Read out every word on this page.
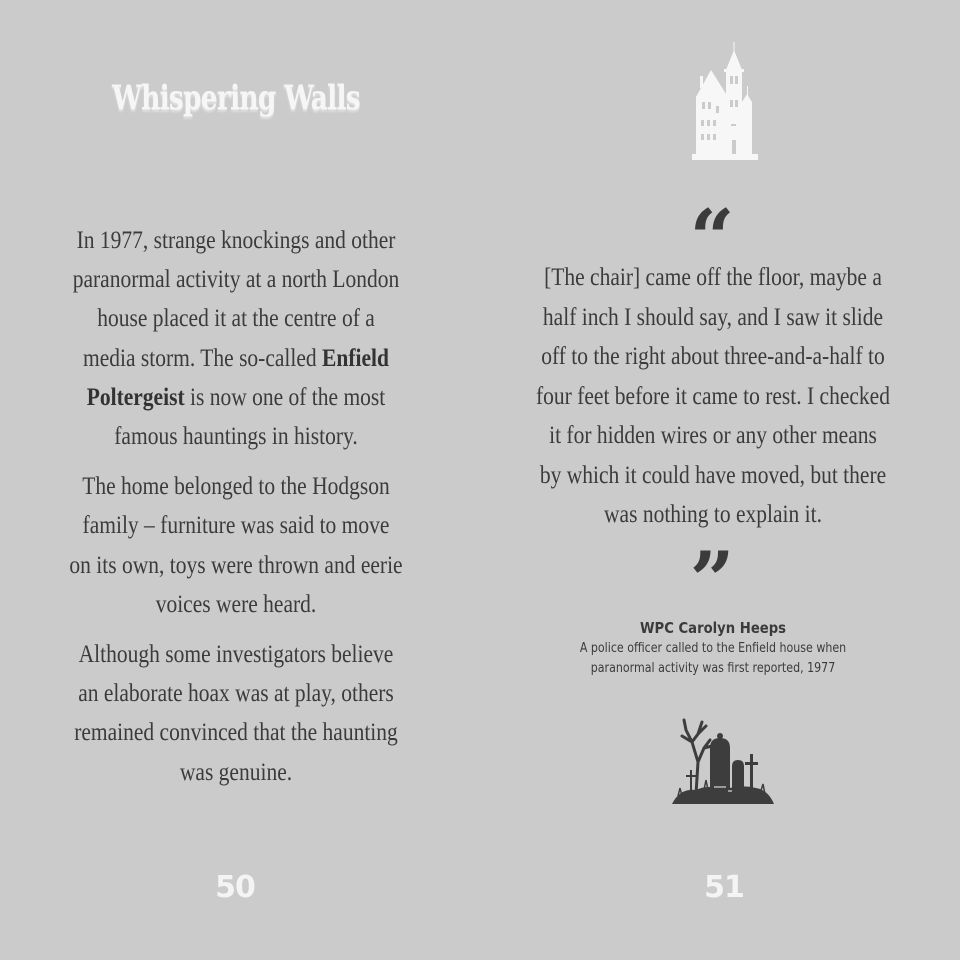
Whispering Walls
In 1977, strange knockings and other
paranormal activity at a north London
house placed it at the centre of a
media storm. The so-called Enfield
Poltergeist is now one of the most
famous hauntings in history.
The home belonged to the Hodgson
family – furniture was said to move
on its own, toys were thrown and eerie
voices were heard.
Although some investigators believe
an elaborate hoax was at play, others
remained convinced that the haunting
was genuine.
50
“
[The chair] came off the floor, maybe a
half inch I should say, and I saw it slide
off to the right about three-and-a-half to
four feet before it came to rest. I checked
it for hidden wires or any other means
by which it could have moved, but there
was nothing to explain it.
”
WPC Carolyn Heeps
A police officer called to the Enfield house when
paranormal activity was first reported, 1977
51
